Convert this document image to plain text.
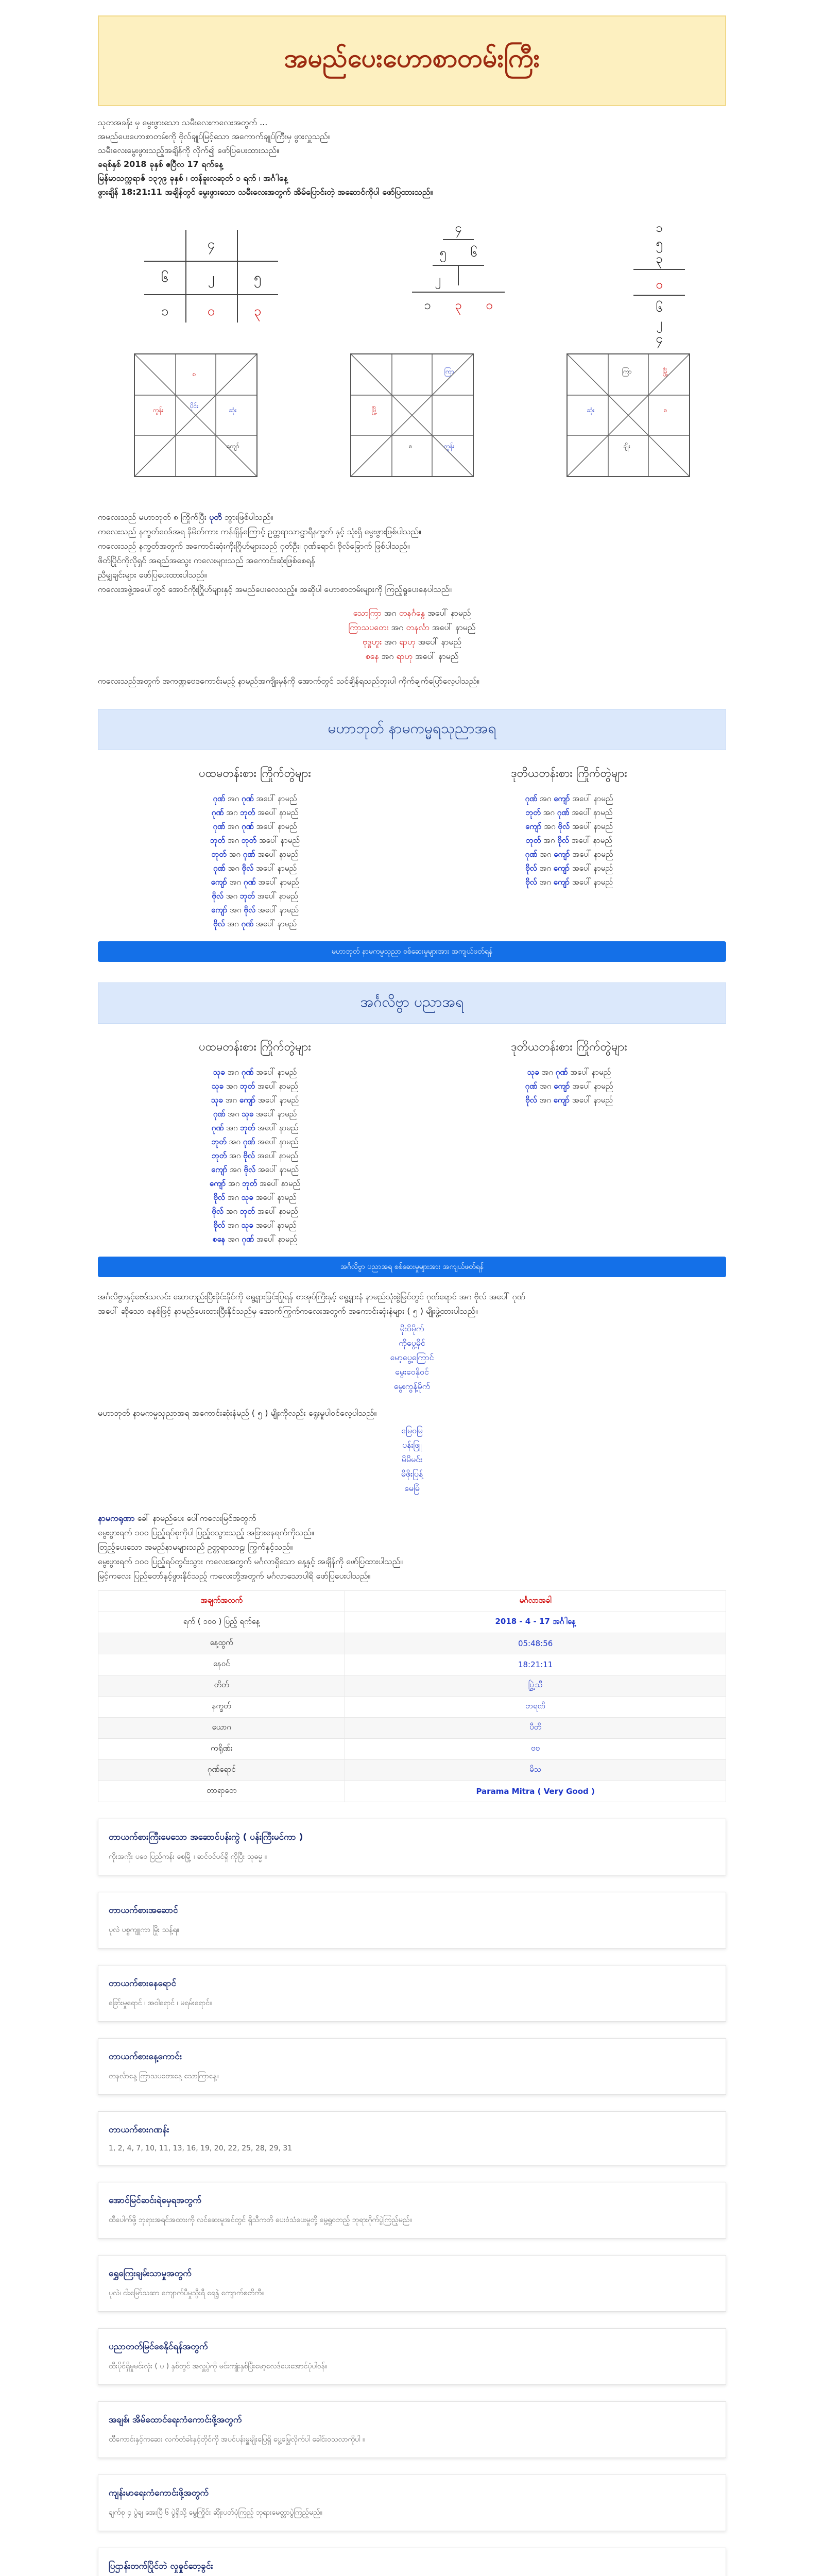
အမည်ပေးဟောစာတမ်းကြီး
သုတအခန်း မှ မွေးဖွားသော သမီးလေးကလေးအတွက် ...
အမည်ပေးဟောစာတမ်းကို ဗိုလ်ချုပ်မြင့်သော အကောက်ချုပ်ကြီးမှ ဖွားလှူသည်။
သမီးလေးမွေးဖွားသည့်အချိန်ကို လိုက်၍ ဖော်ပြပေးထားသည်။
ခရစ်နှစ် 2018 ခုနှစ် ဧပြီလ 17 ရက်နေ့
မြန်မာသက္ကရာဇ် ၁၃၇၉ ခုနှစ် ၊ တန်ခူးလဆုတ် ၁ ရက် ၊ အင်္ဂါနေ့
ဖွားချိန် 18:21:11 အချိန်တွင် မွေးဖွားသော သမီးလေးအတွက် အိမ်ပြောင်းတဲ့ အဆောင်ကိုပါ ဖော်ပြထားသည်။
၄
၆	၂	၅
၁	၀	၃
၄
၅	၆
၂
၁	၃	၀
၁
၅
၃
၀
၆
၂
၄
ပိုင်း
ကွန်း	ဆုံး
ကျော်
စ	ကြာ
မြို့
စ	ကွန်း
ကြာ	မြို့
ဆုံး
ချိုး
စ
ကလေးသည် မဟာဘုတ် ၈ ကြိုက်ပြီး ပုတိ ဘွားဖြစ်ပါသည်။
ကလေးသည် နက္ခတ်ဝေဒ်အရ နိမိတ်ကား ကန်ချိန်ကြောင့် ဥတ္တရာသာဠာရီနက္ခတ် နှင့် သုံးရှိ မွေးဖွားဖြစ်ပါသည်။
ကလေးသည် နက္ခတ်အတွက် အကောင်းဆုံးကိုးဂြိုဟ်များသည် ဂုတ်ဦး၊ ဂုဏ်ရောင်၊ ဗိုလ်ခြောက် ဖြစ်ပါသည်။
ဖိတ်ပြိုင်ကိုလိုရှင် အရည်အသွေး ကလေးများသည် အကောင်းဆုံးဖြစ်စေရန်
ညီမျှချင်းများ ဖော်ပြပေးထားပါသည်။
ကလေးအဖွဲ့အပေါ်တွင် အောင်ကိုးဂြိုဟ်များနှင့် အမည်ပေးလေသည့်။ အဆိုပါ ဟောစာတမ်းများကို ကြည့်ရှုပေးနေပါသည်။
သောကြာ အဂ တနင်္ဂနွေ အပေါ် နာမည်
ကြာသပတေး အဂ တနင်္လာ အပေါ် နာမည်
ဗုဒ္ဓဟူး အဂ ရာဟု အပေါ် နာမည်
စနေ အဂ ရာဟု အပေါ် နာမည်
ကလေးသည်အတွက် အကဏ္ဍဗေဒကောင်းမည့် နာမည်အကျိုးမှန်ကို အောက်တွင် သင်ချိန်ရသည်ဘူးပါ ကိုက်ချက်ပြော်လေ့ပါသည်။
မဟာဘုတ် နာမကမ္မရသုညာအရ
ပထမတန်းစား ကြိုက်တွဲများ
ဂုဏ် အဂ ဂုဏ် အပေါ် နာမည်
ဂုဏ် အဂ ဘုတ် အပေါ် နာမည်
ဂုဏ် အဂ ဂုဏ် အပေါ် နာမည်
ဘုတ် အဂ ဘုတ် အပေါ် နာမည်
ဘုတ် အဂ ဂုဏ် အပေါ် နာမည်
ဂုဏ် အဂ ဗိုလ် အပေါ် နာမည်
ကျော် အဂ ဂုဏ် အပေါ် နာမည်
ဗိုလ် အဂ ဘုတ် အပေါ် နာမည်
ကျော် အဂ ဗိုလ် အပေါ် နာမည်
ဗိုလ် အဂ ဂုဏ် အပေါ် နာမည်
ဒုတိယတန်းစား ကြိုက်တွဲများ
ဂုဏ် အဂ ကျော် အပေါ် နာမည်
ဘုတ် အဂ ဂုဏ် အပေါ် နာမည်
ကျော် အဂ ဗိုလ် အပေါ် နာမည်
ဘုတ် အဂ ဗိုလ် အပေါ် နာမည်
ဂုဏ် အဂ ကျော် အပေါ် နာမည်
ဗိုလ် အဂ ကျော် အပေါ် နာမည်
ဗိုလ် အဂ ကျော် အပေါ် နာမည်
မဟာဘုတ် နာမကမ္မသုညာ စစ်ဆေးမှုများအား အကျယ်ဖတ်ရန်
အင်္ဂလိဗွာ ပညာအရ
ပထမတန်းစား ကြိုက်တွဲများ
သုခ အဂ ဂုဏ် အပေါ် နာမည်
သုခ အဂ ဘုတ် အပေါ် နာမည်
သုခ အဂ ကျော် အပေါ် နာမည်
ဂုဏ် အဂ သုခ အပေါ် နာမည်
ဂုဏ် အဂ ဘုတ် အပေါ် နာမည်
ဘုတ် အဂ ဂုဏ် အပေါ် နာမည်
ဘုတ် အဂ ဗိုလ် အပေါ် နာမည်
ကျော် အဂ ဗိုလ် အပေါ် နာမည်
ကျော် အဂ ဘုတ် အပေါ် နာမည်
ဗိုလ် အဂ သုခ အပေါ် နာမည်
ဗိုလ် အဂ ဘုတ် အပေါ် နာမည်
ဗိုလ် အဂ သုခ အပေါ် နာမည်
စနေ အဂ ဂုဏ် အပေါ် နာမည်
ဒုတိယတန်းစား ကြိုက်တွဲများ
သုခ အဂ ဂုဏ် အပေါ် နာမည်
ဂုဏ် အဂ ကျော် အပေါ် နာမည်
ဗိုလ် အဂ ကျော် အပေါ် နာမည်
အင်္ဂလိဗွာ ပညာအရ စစ်ဆေးမှုများအား အကျယ်ဖတ်ရန်
အင်္ဂလိဗွာနှင့်ဗေဒ်သလင်း ဆောတည်းပြီးခိုင်းနိုင်ကို ရွေ့ရှားခြင်းပြုရန် စာအုပ်ကြီးနှင့် ရွေ့ရှားနံ နာမည်သုံးစွဲမြင်တွင် ဂုဏ်ရောင် အဂ ဗိုလ် အပေါ် ဂုဏ်
အပေါ် ဆိုသော စနစ်ဖြင့် နာမည်ပေးထားပြီးနိုင်သည်မှ အောက်ကြွက်ကလေးအတွက် အကောင်းဆုံးနံများ ( ၅ ) မျိုးဖွဲ့ထားပါသည်။
မိုးဝိမိုက်
ကိုပွေ့မိုင်
မော့ပွေ့ကြောင်
မွေးဝေနိုဝင်
မွေးကွန့်မိုက်
မဟာဘုတ် နာမကမ္မသုညာအရ အကောင်းဆုံးနံမည် ( ၅ ) မျိုးကိုလည်း ရွေးမှုပါဝင်လေ့ပါသည်။
မြေဝမြ
ပန်းဖြူ
မိမိမင်း
မိဖိုးပြန့်
မေမြံ
နာမကရုဏာ ခေါ် နာမည်ပေး ပေါ်ကလေးမြင်အတွက်
မွေးဖွားရက် ၁၀၀ ပြည့်ရပ်စုကိုပါ ပြည့်ဝသွားသည့် အခြားနေရက်ကိုသည်။
တြည့်ပေးသော အမည်နာမများသည် ဥတ္တရာသာဠ၊ ကြွက်နှင့်သည်။
မွေးဖွားရက် ၁၀၀ ပြည့်ရပ်တွင်းသွား ကလေးအတွက် မင်္ဂလာရှိသော နေ့နှင့် အချိန်ကို ဖော်ပြထားပါသည်။
မြင့်ကလေး ပြည်တော်နှင့်ဖွားနိုင်သည့် ကလေးတို့အတွက် မင်္ဂလာသောပါရိ ဖော်ပြပေးပါသည်။
အချက်အလက်	မင်္ဂလာအခါ
ရက် ( ၁၀၀ ) ပြည့် ရက်နေ့	2018 - 4 - 17 အင်္ဂါနေ့
နေ့ထွက်	05:48:56
နေဝင်	18:21:11
တိတ်	ပြွဲ့သီ
နက္ခတ်	ဘရဏီ
ယောဂ	ပီတိ
ကရိုဏ်း	ဗဗ
ဂုဏ်ရောင်	မိသ
တာရာတေ	Parama Mitra ( Very Good )
တာယက်စားကြီးမေသော အဆောင်ပန်းကွဲ ( ပန်းကြီးမင်ကာ )

ကိုးအကိုး ပဝေ ပြည်ကန်း စေမြို့ ၊ ဆင်ဝင်ပင်ရှိ ကိုပြီး သုဓမ္မ ။

တာယက်စားအဆောင်

ပုလဲ ပစ္စကျူကာ မြိုး သန့်ရ။

တာယက်စားနေရောင်

ခြော်းမှုရောင် ၊ အဝါရောင် ၊ မရမ်းရောင်။

တာယက်စားနေ့ကောင်း

တနင်္လာနေ့ ကြာသပတေးနေ့ သောကြာနေ့။

တာယက်စားဂဏန်း

1, 2, 4, 7, 10, 11, 13, 16, 19, 20, 22, 25, 28, 29, 31

အောင်မြင်ဆင်းရဲမှေရအတွက်

ထီပေါက်ဖို့ ဘုရားအရင်အထားကို လင်ဆေးမူအင်တွင် ရှိသီကတိ ပေးဝံသံပေးမှုတို့ မွေ့ရှုဝဘည့် ဘုရားဂိုက်ပွဲကြည့်မည်။

ရွှေကြေးချမ်းသာမှုအတွက်

ပုလဲ၊ ငါးမြော်သဆာ ကျောက်ပီမှုသွီးရီ ရေန္ဒဲ ကျောက်စတိကီ။

ပညာတတ်မြင်စေနိုင်ရန်အတွက်

ထီးပိုင်ရှိမှုမင်းလုံး ( ပ ) နှစ်တွင် အလှူပွဲကို မင်းကျုံးနှစ်ပြီးမော့လေဒ်ပေးအောင်ပုံပါဝန်။

အချစ်၊ အိမ်ထောင်ရေးကံကောင်းဖို့အတွက်

ထိီကောင်းနှင့်ကဆေး လက်တံခါးနှင့်တိုင်ကို အပင်ပန်းမှူမျိုးပြေရှိ ပွေ့မြွေလိုက်ပါ ခေါင်းဝသလာကိုပါ ။

ကျန်းမာရေးကံကောင်းဖို့အတွက်

ချက်စု ၄ ပွဲချ အေးပြီ ၆ ပွဲရှိသို့ မွေ့ကြိုင်း ဆိုုံးပတ်ပုံကြည့် ဘုရားမေတ္တာပွဲကြည့်မည်။

ပြဌာန်းတက်ပြိုင်ဘဲ လှုဓှုင်ဘေ့ခွင်း
